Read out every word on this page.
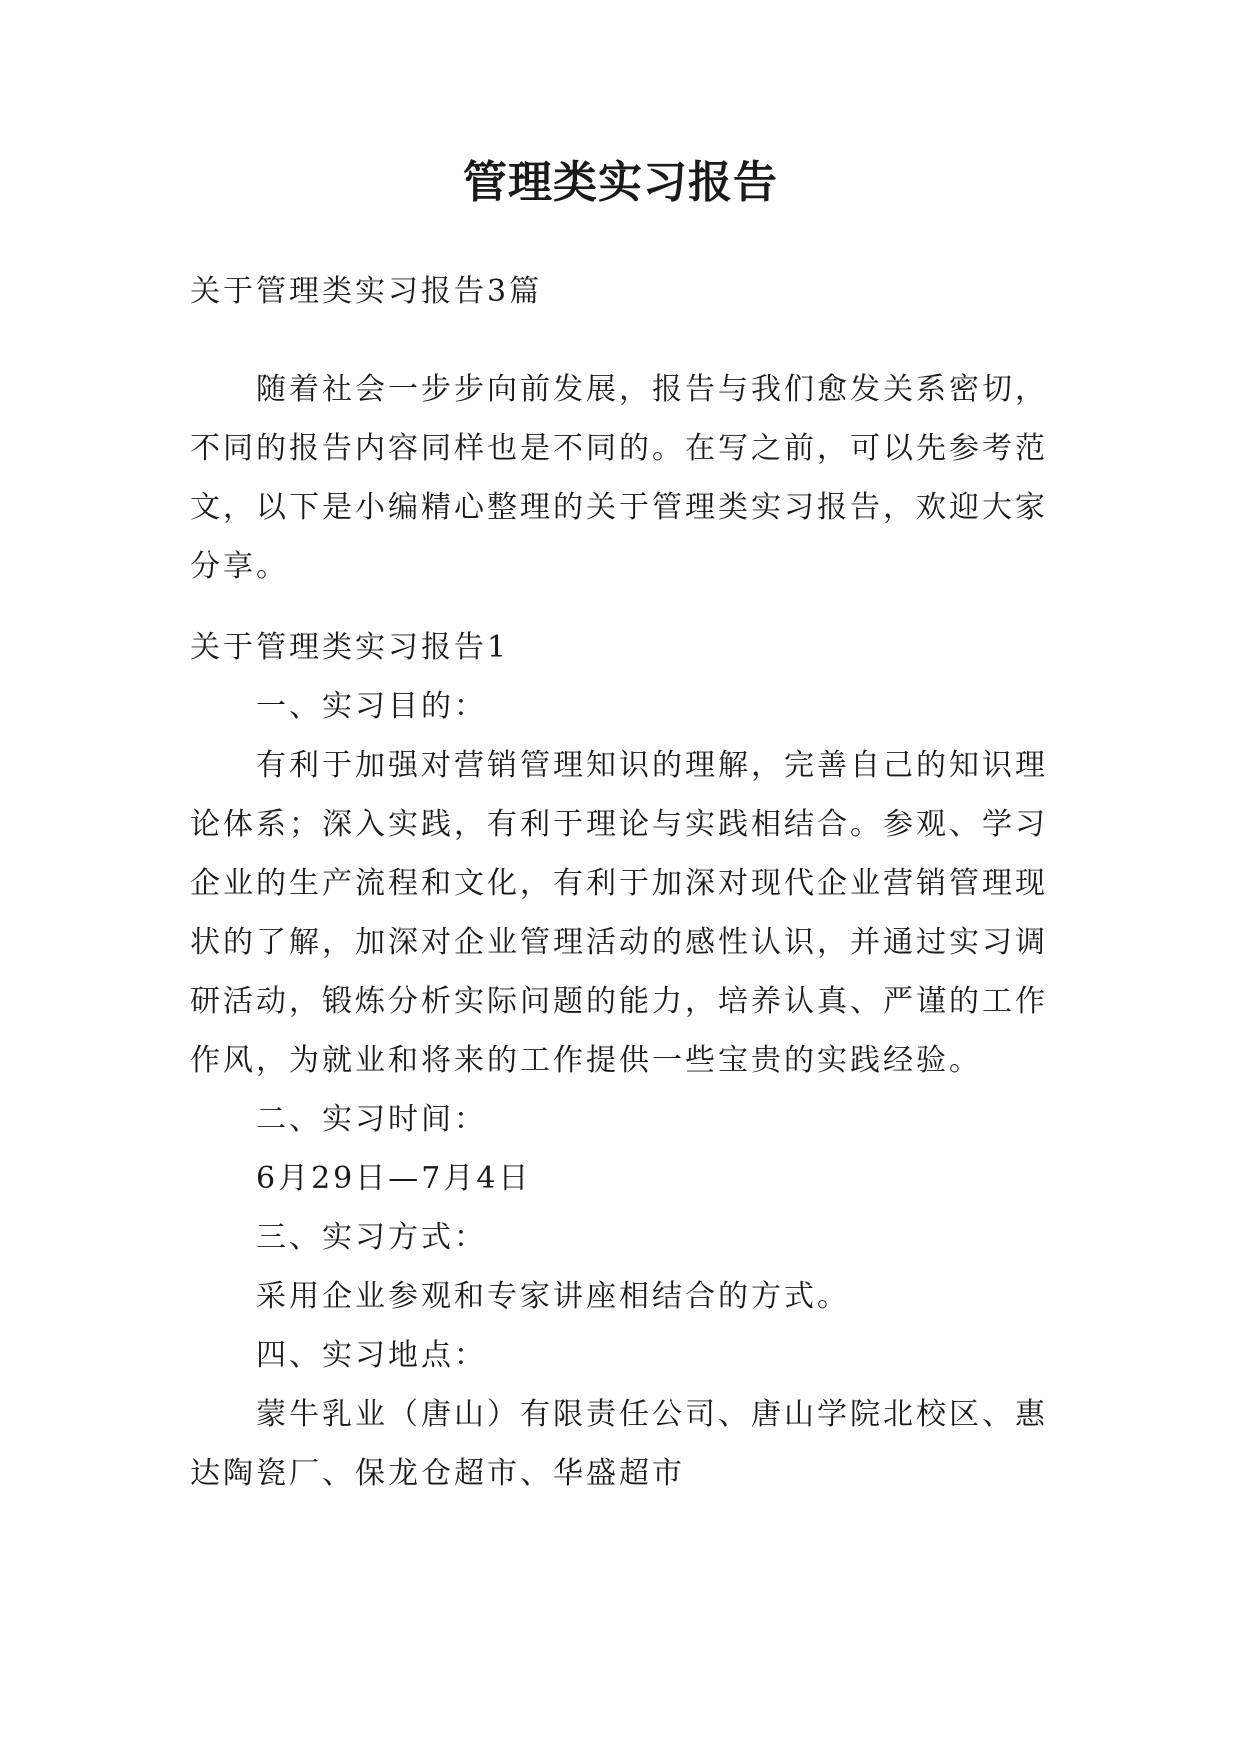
管理类实习报告

关于管理类实习报告3篇

随着社会一步步向前发展，报告与我们愈发关系密切，
不同的报告内容同样也是不同的。在写之前，可以先参考范
文，以下是小编精心整理的关于管理类实习报告，欢迎大家
分享。
关于管理类实习报告1
一、实习目的：
有利于加强对营销管理知识的理解，完善自己的知识理
论体系；深入实践，有利于理论与实践相结合。参观、学习
企业的生产流程和文化，有利于加深对现代企业营销管理现
状的了解，加深对企业管理活动的感性认识，并通过实习调
研活动，锻炼分析实际问题的能力，培养认真、严谨的工作
作风，为就业和将来的工作提供一些宝贵的实践经验。
二、实习时间：
6月29日—7月4日
三、实习方式：
采用企业参观和专家讲座相结合的方式。
四、实习地点：
蒙牛乳业（唐山）有限责任公司、唐山学院北校区、惠
达陶瓷厂、保龙仓超市、华盛超市
